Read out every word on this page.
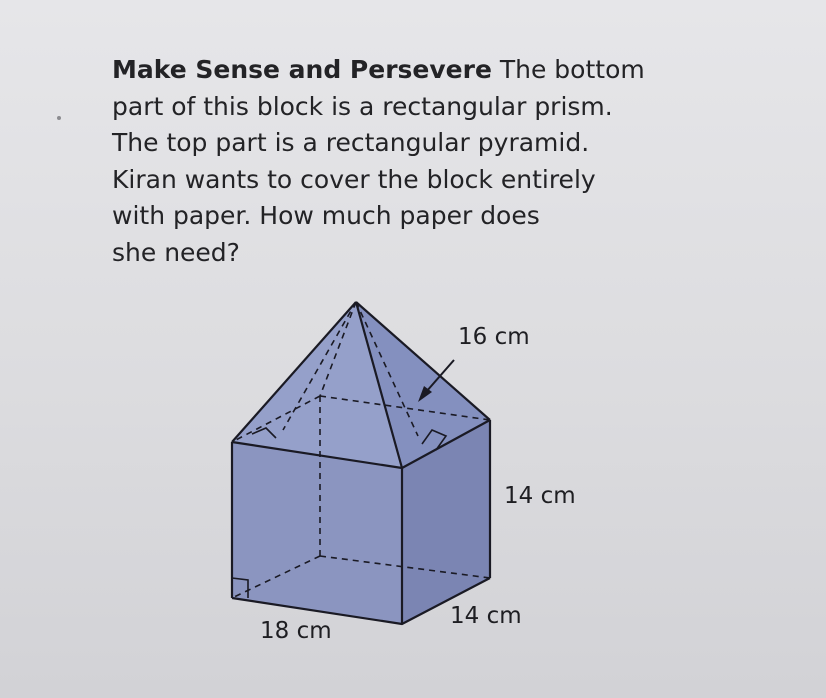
Make Sense and Persevere The bottom
part of this block is a rectangular prism.
The top part is a rectangular pyramid.
Kiran wants to cover the block entirely
with paper. How much paper does
she need?
16 cm
14 cm
14 cm
18 cm
